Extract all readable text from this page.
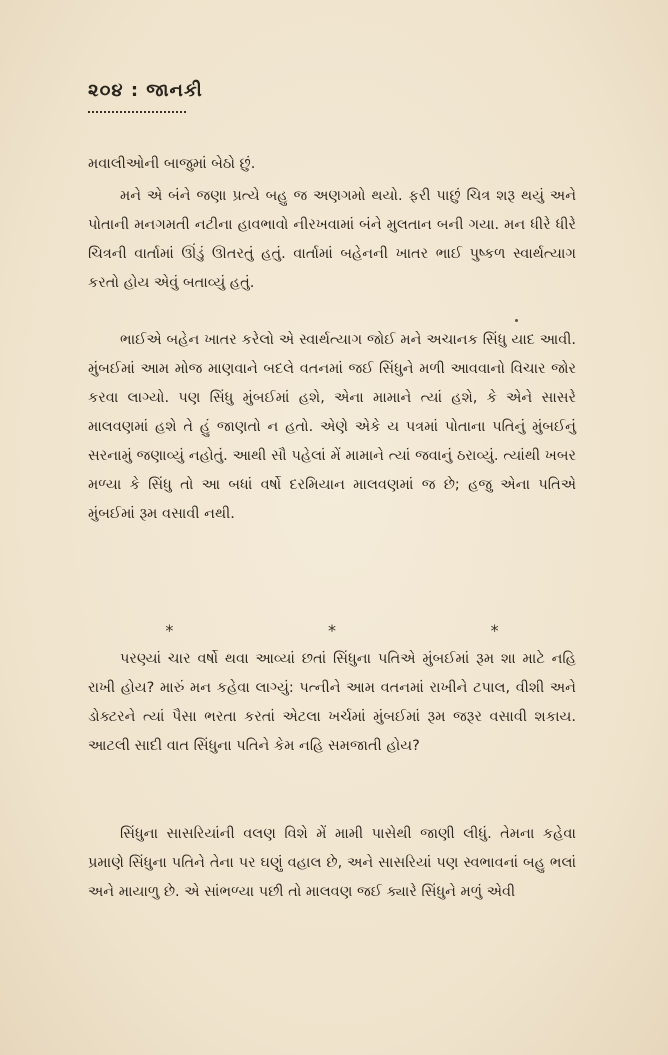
૨૦૪ : જાનકી
મવાલીઓની બાજુમાં બેઠો છું.
મને એ બંને જણા પ્રત્યે બહુ જ અણગમો થયો. ફરી પાછું ચિત્ર શરૂ થયું અને પોતાની મનગમતી નટીના હાવભાવો નીરખવામાં બંને મુલતાન બની ગયા. મન ધીરે ધીરે ચિત્રની વાર્તામાં ઊંડું ઊતરતું હતું. વાર્તામાં બહેનની ખાતર ભાઈ પુષ્કળ સ્વાર્થત્યાગ કરતો હોય એવું બતાવ્યું હતું.
ભાઈએ બહેન ખાતર કરેલો એ સ્વાર્થત્યાગ જોઈ મને અચાનક સિંધુ યાદ આવી. મુંબઈમાં આમ મોજ માણવાને બદલે વતનમાં જઈ સિંધુને મળી આવવાનો વિચાર જોર કરવા લાગ્યો. પણ સિંધુ મુંબઈમાં હશે, એના મામાને ત્યાં હશે, કે એને સાસરે માલવણમાં હશે તે હું જાણતો ન હતો. એણે એકે ય પત્રમાં પોતાના પતિનું મુંબઈનું સરનામું જણાવ્યું નહોતું. આથી સૌ પહેલાં મેં મામાને ત્યાં જવાનું ઠરાવ્યું. ત્યાંથી ખબર મળ્યા કે સિંધુ તો આ બધાં વર્ષો દરમિયાન માલવણમાં જ છે; હજુ એના પતિએ મુંબઈમાં રૂમ વસાવી નથી.
*	*	*
પરણ્યાં ચાર વર્ષો થવા આવ્યાં છતાં સિંધુના પતિએ મુંબઈમાં રૂમ શા માટે નહિ રાખી હોય? મારું મન કહેવા લાગ્યું: પત્નીને આમ વતનમાં રાખીને ટપાલ, વીશી અને ડોક્ટરને ત્યાં પૈસા ભરતા કરતાં એટલા ખર્ચમાં મુંબઈમાં રૂમ જરૂર વસાવી શકાય. આટલી સાદી વાત સિંધુના પતિને કેમ નહિ સમજાતી હોય?
સિંધુના સાસરિયાંની વલણ વિશે મેં મામી પાસેથી જાણી લીધું. તેમના કહેવા પ્રમાણે સિંધુના પતિને તેના પર ઘણું વહાલ છે, અને સાસરિયાં પણ સ્વભાવનાં બહુ ભલાં અને માયાળુ છે. એ સાંભળ્યા પછી તો માલવણ જઈ ક્યારે સિંધુને મળું એવી
